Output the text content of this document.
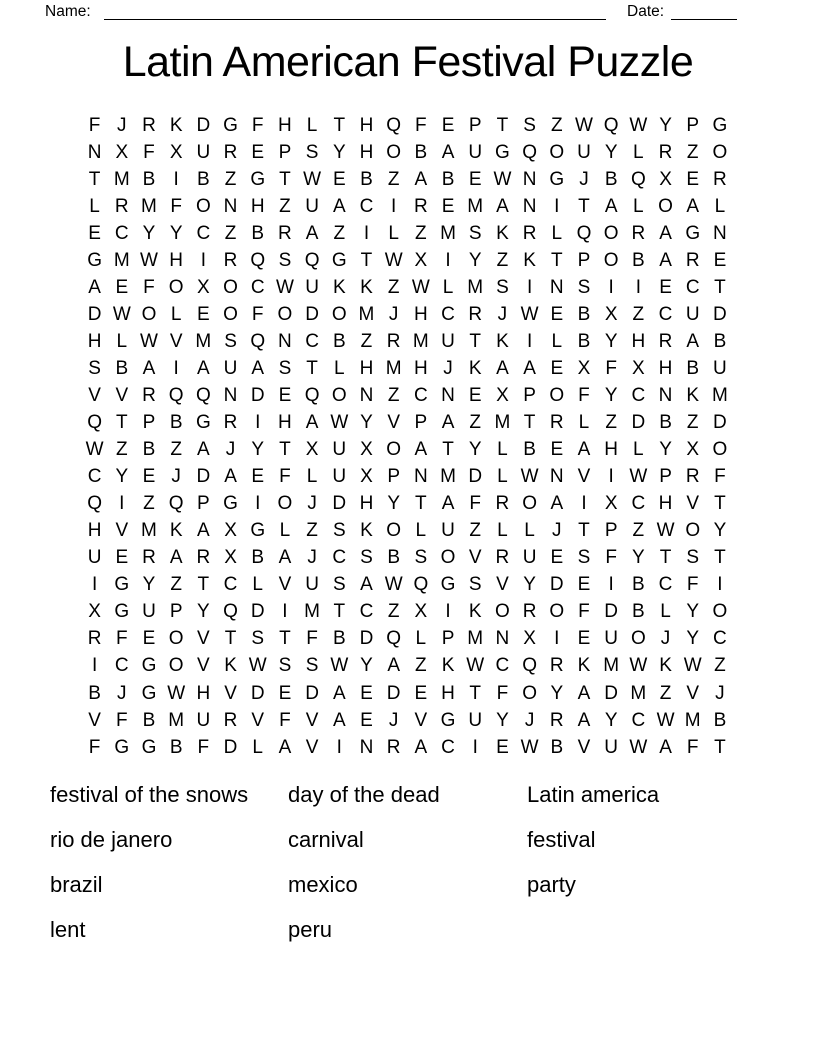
Name:	Date:
Latin American Festival Puzzle
F J R K D G F H L T H Q F E P T S Z W Q W Y P G
N X F X U R E P S Y H O B A U G Q O U Y L R Z O
T M B I B Z G T W E B Z A B E W N G J B Q X E R
L R M F O N H Z U A C I R E M A N I T A L O A L
E C Y Y C Z B R A Z I	L Z M S K R L Q O R A G N
G M W H I R Q S Q G T W X I Y Z K T P O B A R E
A E F O X O C W U K K Z W L M S I N S I	I E C T
D W O L E O F O D O M J H C R J W E B X Z C U D
H L W V M S Q N C B Z R M U T K I	L B Y H R A B
S B A I A U A S T L H M H J K A A E X F X H B U
V V R Q Q N D E Q O N Z C N E X P O F Y C N K M
Q T P B G R I H A W Y V P A Z M T R L Z D B Z D
W Z B Z A J Y T X U X O A T Y L B E A H L Y X O
C Y E J D A E F L U X P N M D L W N V I W P R F
Q I Z Q P G I O J D H Y T A F R O A I X C H V T
H V M K A X G L Z S K O L U Z L L J T P Z W O Y
U E R A R X B A J C S B S O V R U E S F Y T S T
I G Y Z T C L V U S A W Q G S V Y D E I B C F I
X G U P Y Q D I M T C Z X I K O R O F D B L Y O
R F E O V T S T F B D Q L P M N X I E U O J Y C
I C G O V K W S S W Y A Z K W C Q R K M W K W Z
B J G W H V D E D A E D E H T F O Y A D M Z V J
V F B M U R V F V A E J V G U Y J R A Y C W M B
F G G B F D L A V I N R A C I E W B V U W A F T
festival of the snows
rio de janero
brazil
lent
day of the dead
carnival
mexico
peru
Latin america
festival
party
